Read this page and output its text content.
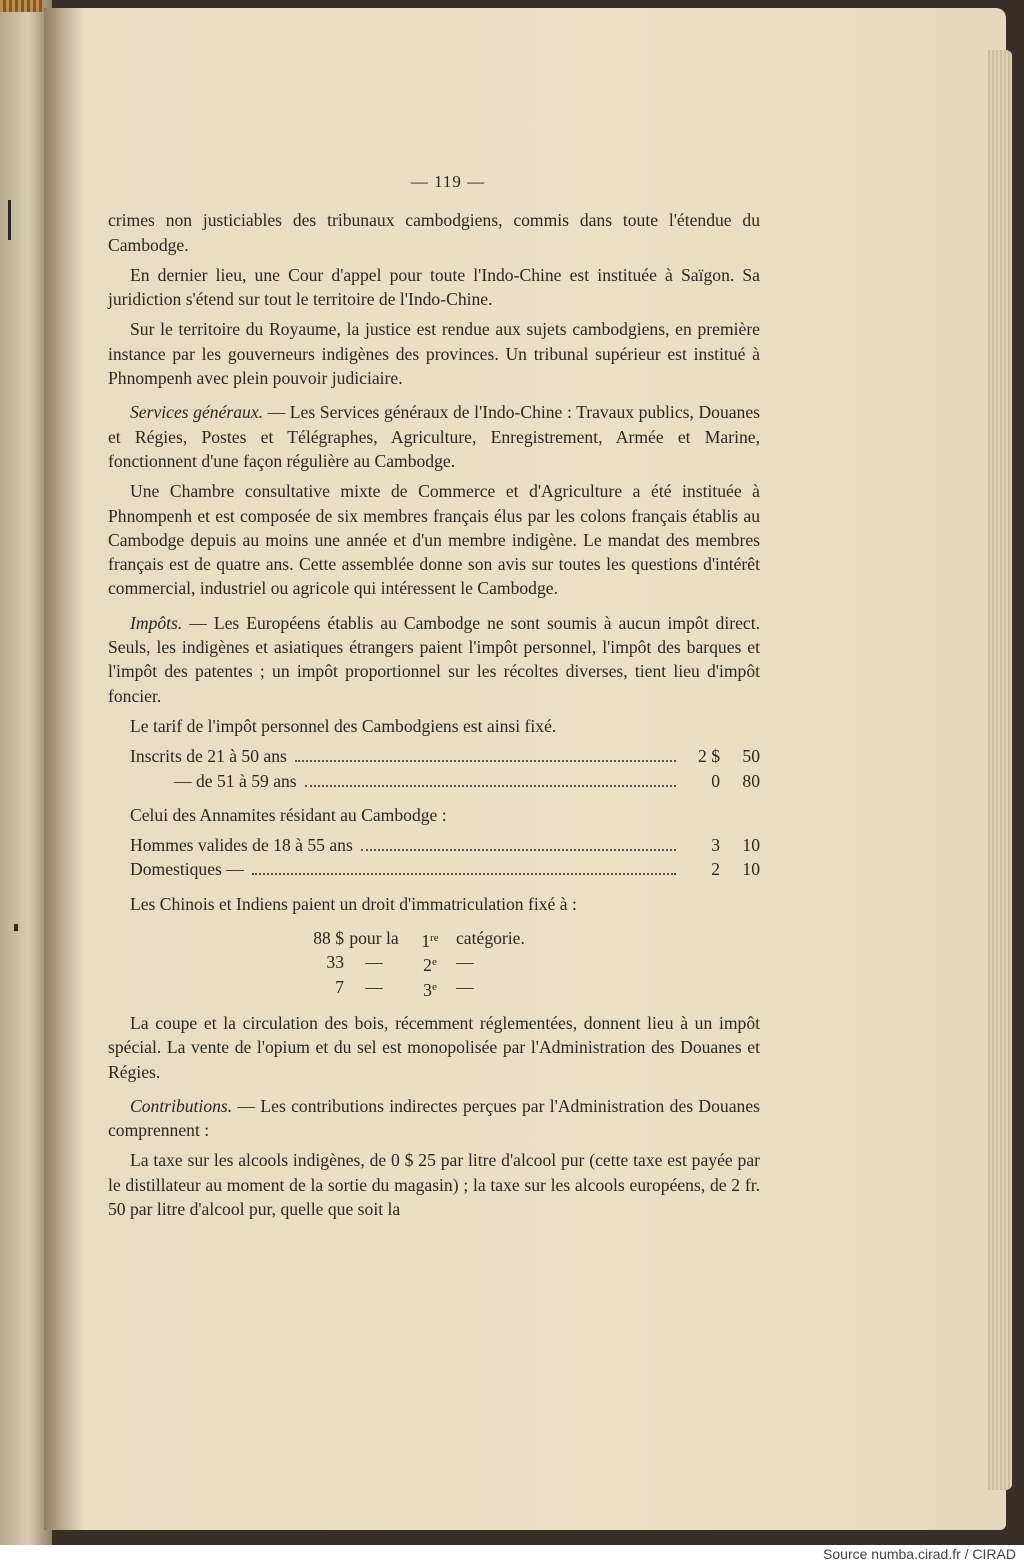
— 119 —

crimes non justiciables des tribunaux cambodgiens, commis dans toute l'étendue du Cambodge.

En dernier lieu, une Cour d'appel pour toute l'Indo-Chine est instituée à Saïgon. Sa juridiction s'étend sur tout le territoire de l'Indo-Chine.

Sur le territoire du Royaume, la justice est rendue aux sujets cambodgiens, en première instance par les gouverneurs indigènes des provinces. Un tribunal supérieur est institué à Phnompenh avec plein pouvoir judiciaire.

Services généraux. — Les Services généraux de l'Indo-Chine : Travaux publics, Douanes et Régies, Postes et Télégraphes, Agriculture, Enregistrement, Armée et Marine, fonctionnent d'une façon régulière au Cambodge.

Une Chambre consultative mixte de Commerce et d'Agriculture a été instituée à Phnompenh et est composée de six membres français élus par les colons français établis au Cambodge depuis au moins une année et d'un membre indigène. Le mandat des membres français est de quatre ans. Cette assemblée donne son avis sur toutes les questions d'intérêt commercial, industriel ou agricole qui intéressent le Cambodge.

Impôts. — Les Européens établis au Cambodge ne sont soumis à aucun impôt direct. Seuls, les indigènes et asiatiques étrangers paient l'impôt personnel, l'impôt des barques et l'impôt des patentes ; un impôt proportionnel sur les récoltes diverses, tient lieu d'impôt foncier.

Le tarif de l'impôt personnel des Cambodgiens est ainsi fixé.

Inscrits de 21 à 50 ans	2 $	50
— de 51 à 59 ans	0	80

Celui des Annamites résidant au Cambodge :

Hommes valides de 18 à 55 ans	3	10
Domestiques —	2	10

Les Chinois et Indiens paient un droit d'immatriculation fixé à :

88 $ pour la	1re catégorie.
33	—	2e	—
7	—	3e	—

La coupe et la circulation des bois, récemment réglementées, donnent lieu à un impôt spécial. La vente de l'opium et du sel est monopolisée par l'Administration des Douanes et Régies.

Contributions. — Les contributions indirectes perçues par l'Administration des Douanes comprennent :

La taxe sur les alcools indigènes, de 0 $ 25 par litre d'alcool pur (cette taxe est payée par le distillateur au moment de la sortie du magasin) ; la taxe sur les alcools européens, de 2 fr. 50 par litre d'alcool pur, quelle que soit la

Source numba.cirad.fr / CIRAD
